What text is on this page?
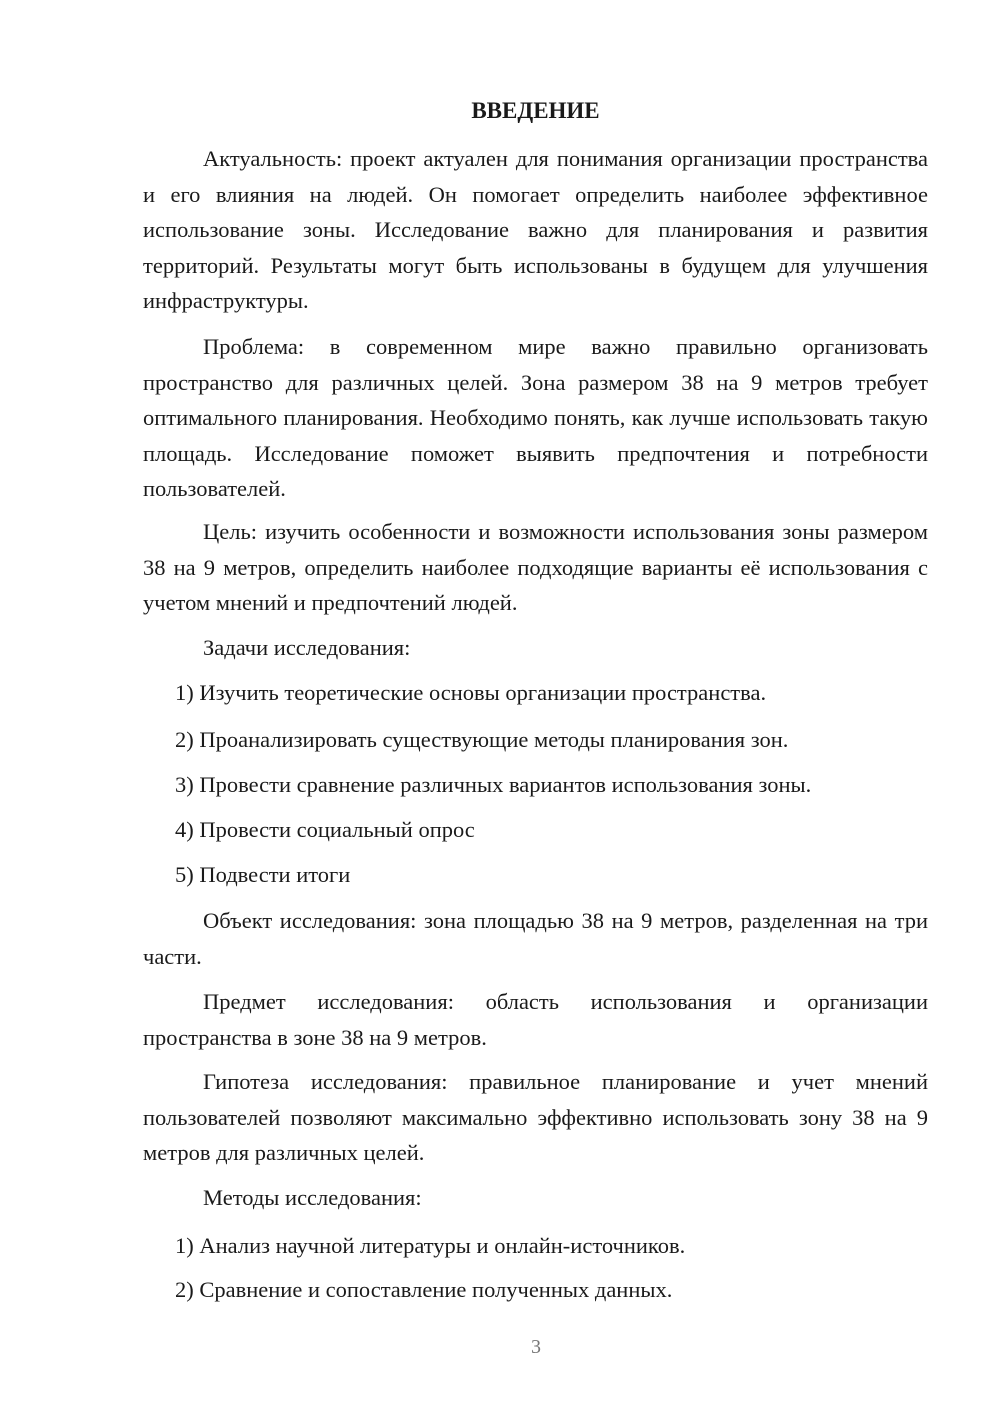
ВВЕДЕНИЕ

Актуальность: проект актуален для понимания организации пространства и его влияния на людей. Он помогает определить наиболее эффективное использование зоны. Исследование важно для планирования и развития территорий. Результаты могут быть использованы в будущем для улучшения инфраструктуры.

Проблема: в современном мире важно правильно организовать пространство для различных целей. Зона размером 38 на 9 метров требует оптимального планирования. Необходимо понять, как лучше использовать такую площадь. Исследование поможет выявить предпочтения и потребности пользователей.

Цель: изучить особенности и возможности использования зоны размером 38 на 9 метров, определить наиболее подходящие варианты её использования с учетом мнений и предпочтений людей.

Задачи исследования:

1) Изучить теоретические основы организации пространства.

2) Проанализировать существующие методы планирования зон.

3) Провести сравнение различных вариантов использования зоны.

4) Провести социальный опрос

5) Подвести итоги

Объект исследования: зона площадью 38 на 9 метров, разделенная на три части.

Предмет исследования: область использования и организации пространства в зоне 38 на 9 метров.

Гипотеза исследования: правильное планирование и учет мнений пользователей позволяют максимально эффективно использовать зону 38 на 9 метров для различных целей.

Методы исследования:

1) Анализ научной литературы и онлайн-источников.

2) Сравнение и сопоставление полученных данных.

3
